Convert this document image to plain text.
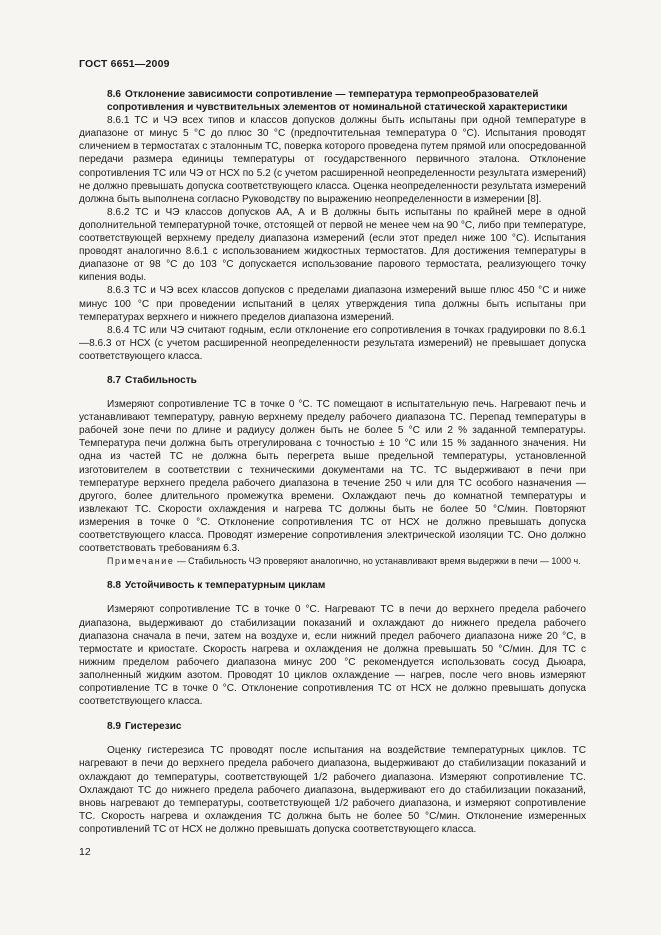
ГОСТ 6651—2009

8.6 Отклонение зависимости сопротивление — температура термопреобразователей сопротивления и чувствительных элементов от номинальной статической характеристики

8.6.1 ТС и ЧЭ всех типов и классов допусков должны быть испытаны при одной температуре в диапазоне от минус 5 °С до плюс 30 °С (предпочтительная температура 0 °С). Испытания проводят сличением в термостатах с эталонным ТС, поверка которого проведена путем прямой или опосредованной передачи размера единицы температуры от государственного первичного эталона. Отклонение сопротивления ТС или ЧЭ от НСХ по 5.2 (с учетом расширенной неопределенности результата измерений) не должно превышать допуска соответствующего класса. Оценка неопределенности результата измерений должна быть выполнена согласно Руководству по выражению неопределенности в измерении [8].

8.6.2 ТС и ЧЭ классов допусков АА, А и В должны быть испытаны по крайней мере в одной дополнительной температурной точке, отстоящей от первой не менее чем на 90 °С, либо при температуре, соответствующей верхнему пределу диапазона измерений (если этот предел ниже 100 °С). Испытания проводят аналогично 8.6.1 с использованием жидкостных термостатов. Для достижения температуры в диапазоне от 98 °С до 103 °С допускается использование парового термостата, реализующего точку кипения воды.

8.6.3 ТС и ЧЭ всех классов допусков с пределами диапазона измерений выше плюс 450 °С и ниже минус 100 °С при проведении испытаний в целях утверждения типа должны быть испытаны при температурах верхнего и нижнего пределов диапазона измерений.

8.6.4 ТС или ЧЭ считают годным, если отклонение его сопротивления в точках градуировки по 8.6.1—8.6.3 от НСХ (с учетом расширенной неопределенности результата измерений) не превышает допуска соответствующего класса.

8.7 Стабильность

Измеряют сопротивление ТС в точке 0 °С. ТС помещают в испытательную печь. Нагревают печь и устанавливают температуру, равную верхнему пределу рабочего диапазона ТС. Перепад температуры в рабочей зоне печи по длине и радиусу должен быть не более 5 °С или 2 % заданной температуры. Температура печи должна быть отрегулирована с точностью ± 10 °С или 15 % заданного значения. Ни одна из частей ТС не должна быть перегрета выше предельной температуры, установленной изготовителем в соответствии с техническими документами на ТС. ТС выдерживают в печи при температуре верхнего предела рабочего диапазона в течение 250 ч или для ТС особого назначения — другого, более длительного промежутка времени. Охлаждают печь до комнатной температуры и извлекают ТС. Скорости охлаждения и нагрева ТС должны быть не более 50 °С/мин. Повторяют измерения в точке 0 °С. Отклонение сопротивления ТС от НСХ не должно превышать допуска соответствующего класса. Проводят измерение сопротивления электрической изоляции ТС. Оно должно соответствовать требованиям 6.3.

Примечание — Стабильность ЧЭ проверяют аналогично, но устанавливают время выдержки в печи — 1000 ч.

8.8 Устойчивость к температурным циклам

Измеряют сопротивление ТС в точке 0 °С. Нагревают ТС в печи до верхнего предела рабочего диапазона, выдерживают до стабилизации показаний и охлаждают до нижнего предела рабочего диапазона сначала в печи, затем на воздухе и, если нижний предел рабочего диапазона ниже 20 °С, в термостате и криостате. Скорость нагрева и охлаждения не должна превышать 50 °С/мин. Для ТС с нижним пределом рабочего диапазона минус 200 °С рекомендуется использовать сосуд Дьюара, заполненный жидким азотом. Проводят 10 циклов охлаждение — нагрев, после чего вновь измеряют сопротивление ТС в точке 0 °С. Отклонение сопротивления ТС от НСХ не должно превышать допуска соответствующего класса.

8.9 Гистерезис

Оценку гистерезиса ТС проводят после испытания на воздействие температурных циклов. ТС нагревают в печи до верхнего предела рабочего диапазона, выдерживают до стабилизации показаний и охлаждают до температуры, соответствующей 1/2 рабочего диапазона. Измеряют сопротивление ТС. Охлаждают ТС до нижнего предела рабочего диапазона, выдерживают его до стабилизации показаний, вновь нагревают до температуры, соответствующей 1/2 рабочего диапазона, и измеряют сопротивление ТС. Скорость нагрева и охлаждения ТС должна быть не более 50 °С/мин. Отклонение измеренных сопротивлений ТС от НСХ не должно превышать допуска соответствующего класса.

12
